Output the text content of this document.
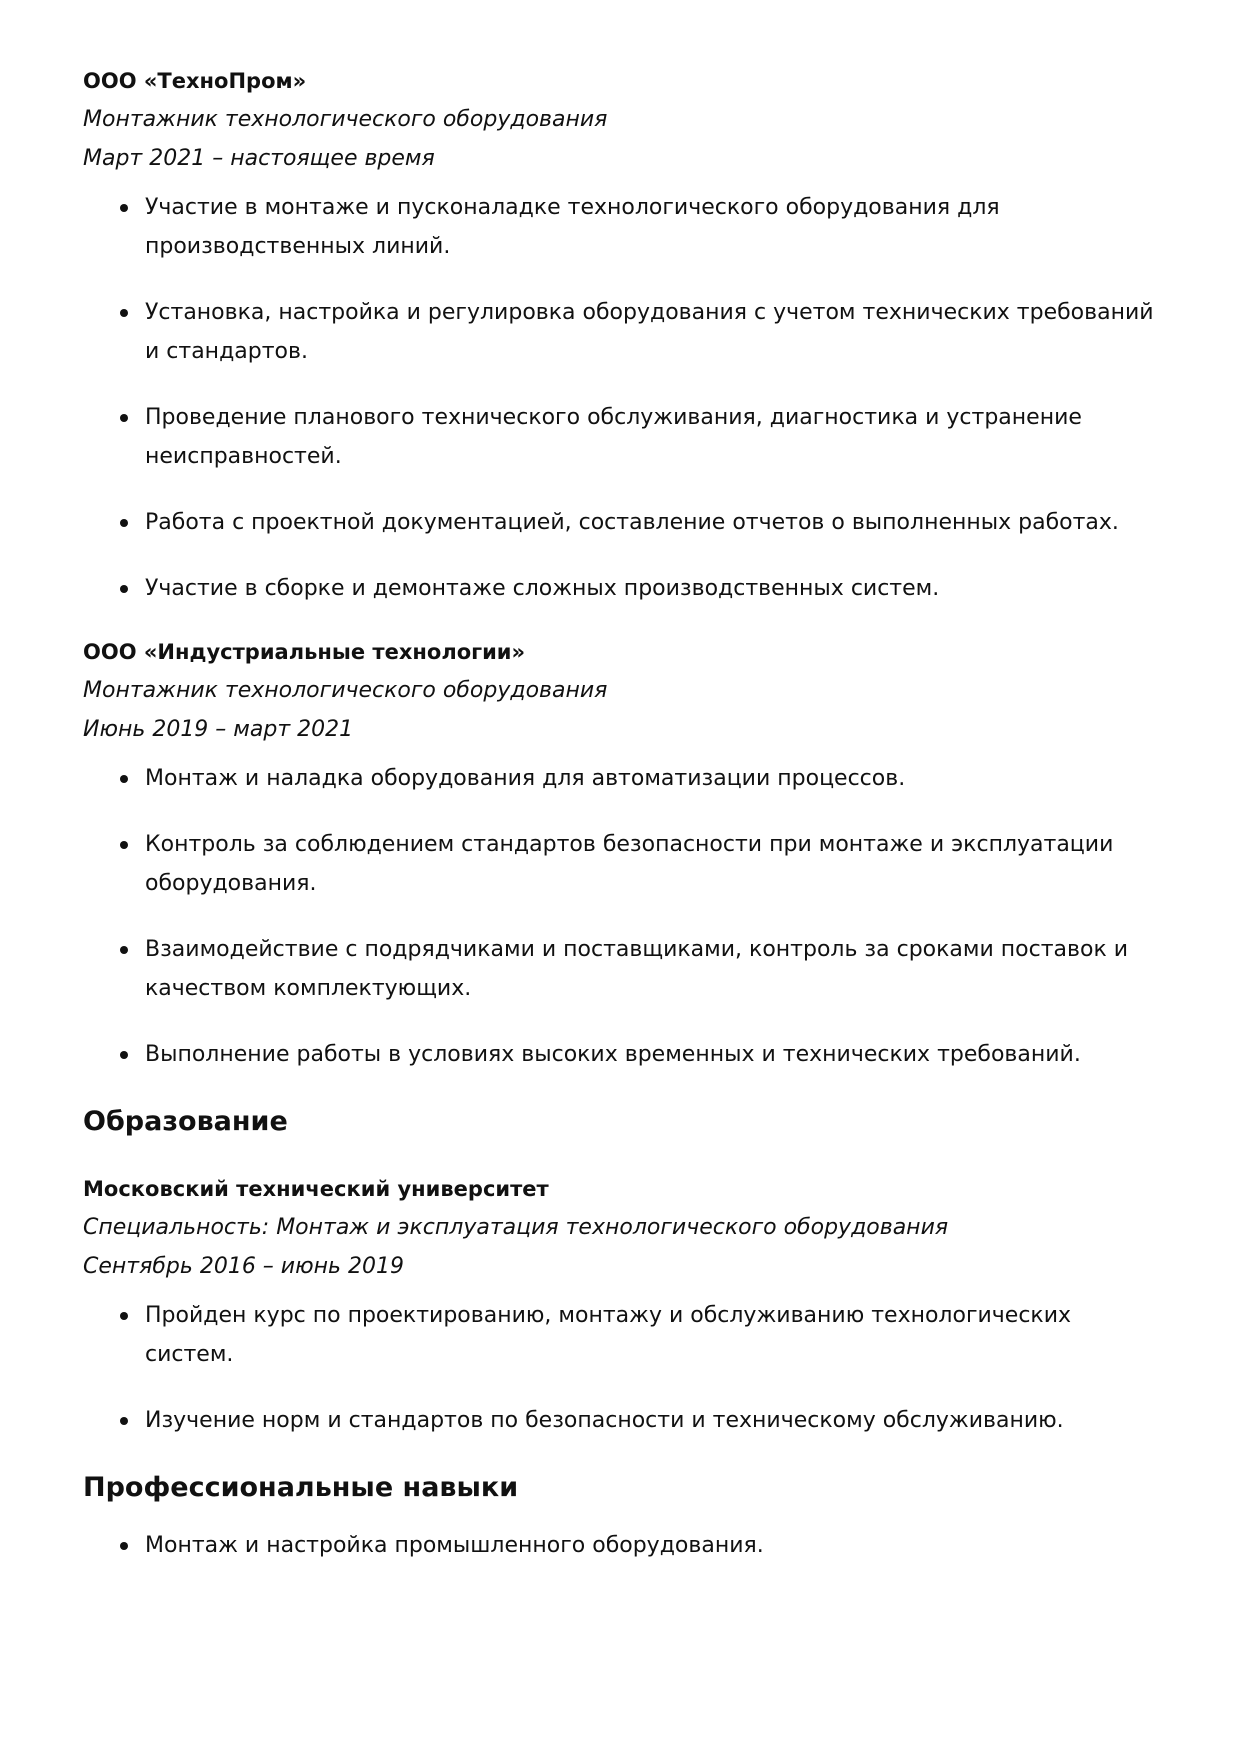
ООО «ТехноПром»

Монтажник технологического оборудования

Март 2021 – настоящее время

Участие в монтаже и пусконаладке технологического оборудования для производственных линий.
Установка, настройка и регулировка оборудования с учетом технических требований и стандартов.
Проведение планового технического обслуживания, диагностика и устранение неисправностей.
Работа с проектной документацией, составление отчетов о выполненных работах.
Участие в сборке и демонтаже сложных производственных систем.

ООО «Индустриальные технологии»

Монтажник технологического оборудования

Июнь 2019 – март 2021

Монтаж и наладка оборудования для автоматизации процессов.
Контроль за соблюдением стандартов безопасности при монтаже и эксплуатации оборудования.
Взаимодействие с подрядчиками и поставщиками, контроль за сроками поставок и качеством комплектующих.
Выполнение работы в условиях высоких временных и технических требований.
Образование

Московский технический университет

Специальность: Монтаж и эксплуатация технологического оборудования

Сентябрь 2016 – июнь 2019

Пройден курс по проектированию, монтажу и обслуживанию технологических систем.
Изучение норм и стандартов по безопасности и техническому обслуживанию.
Профессиональные навыки
Монтаж и настройка промышленного оборудования.
